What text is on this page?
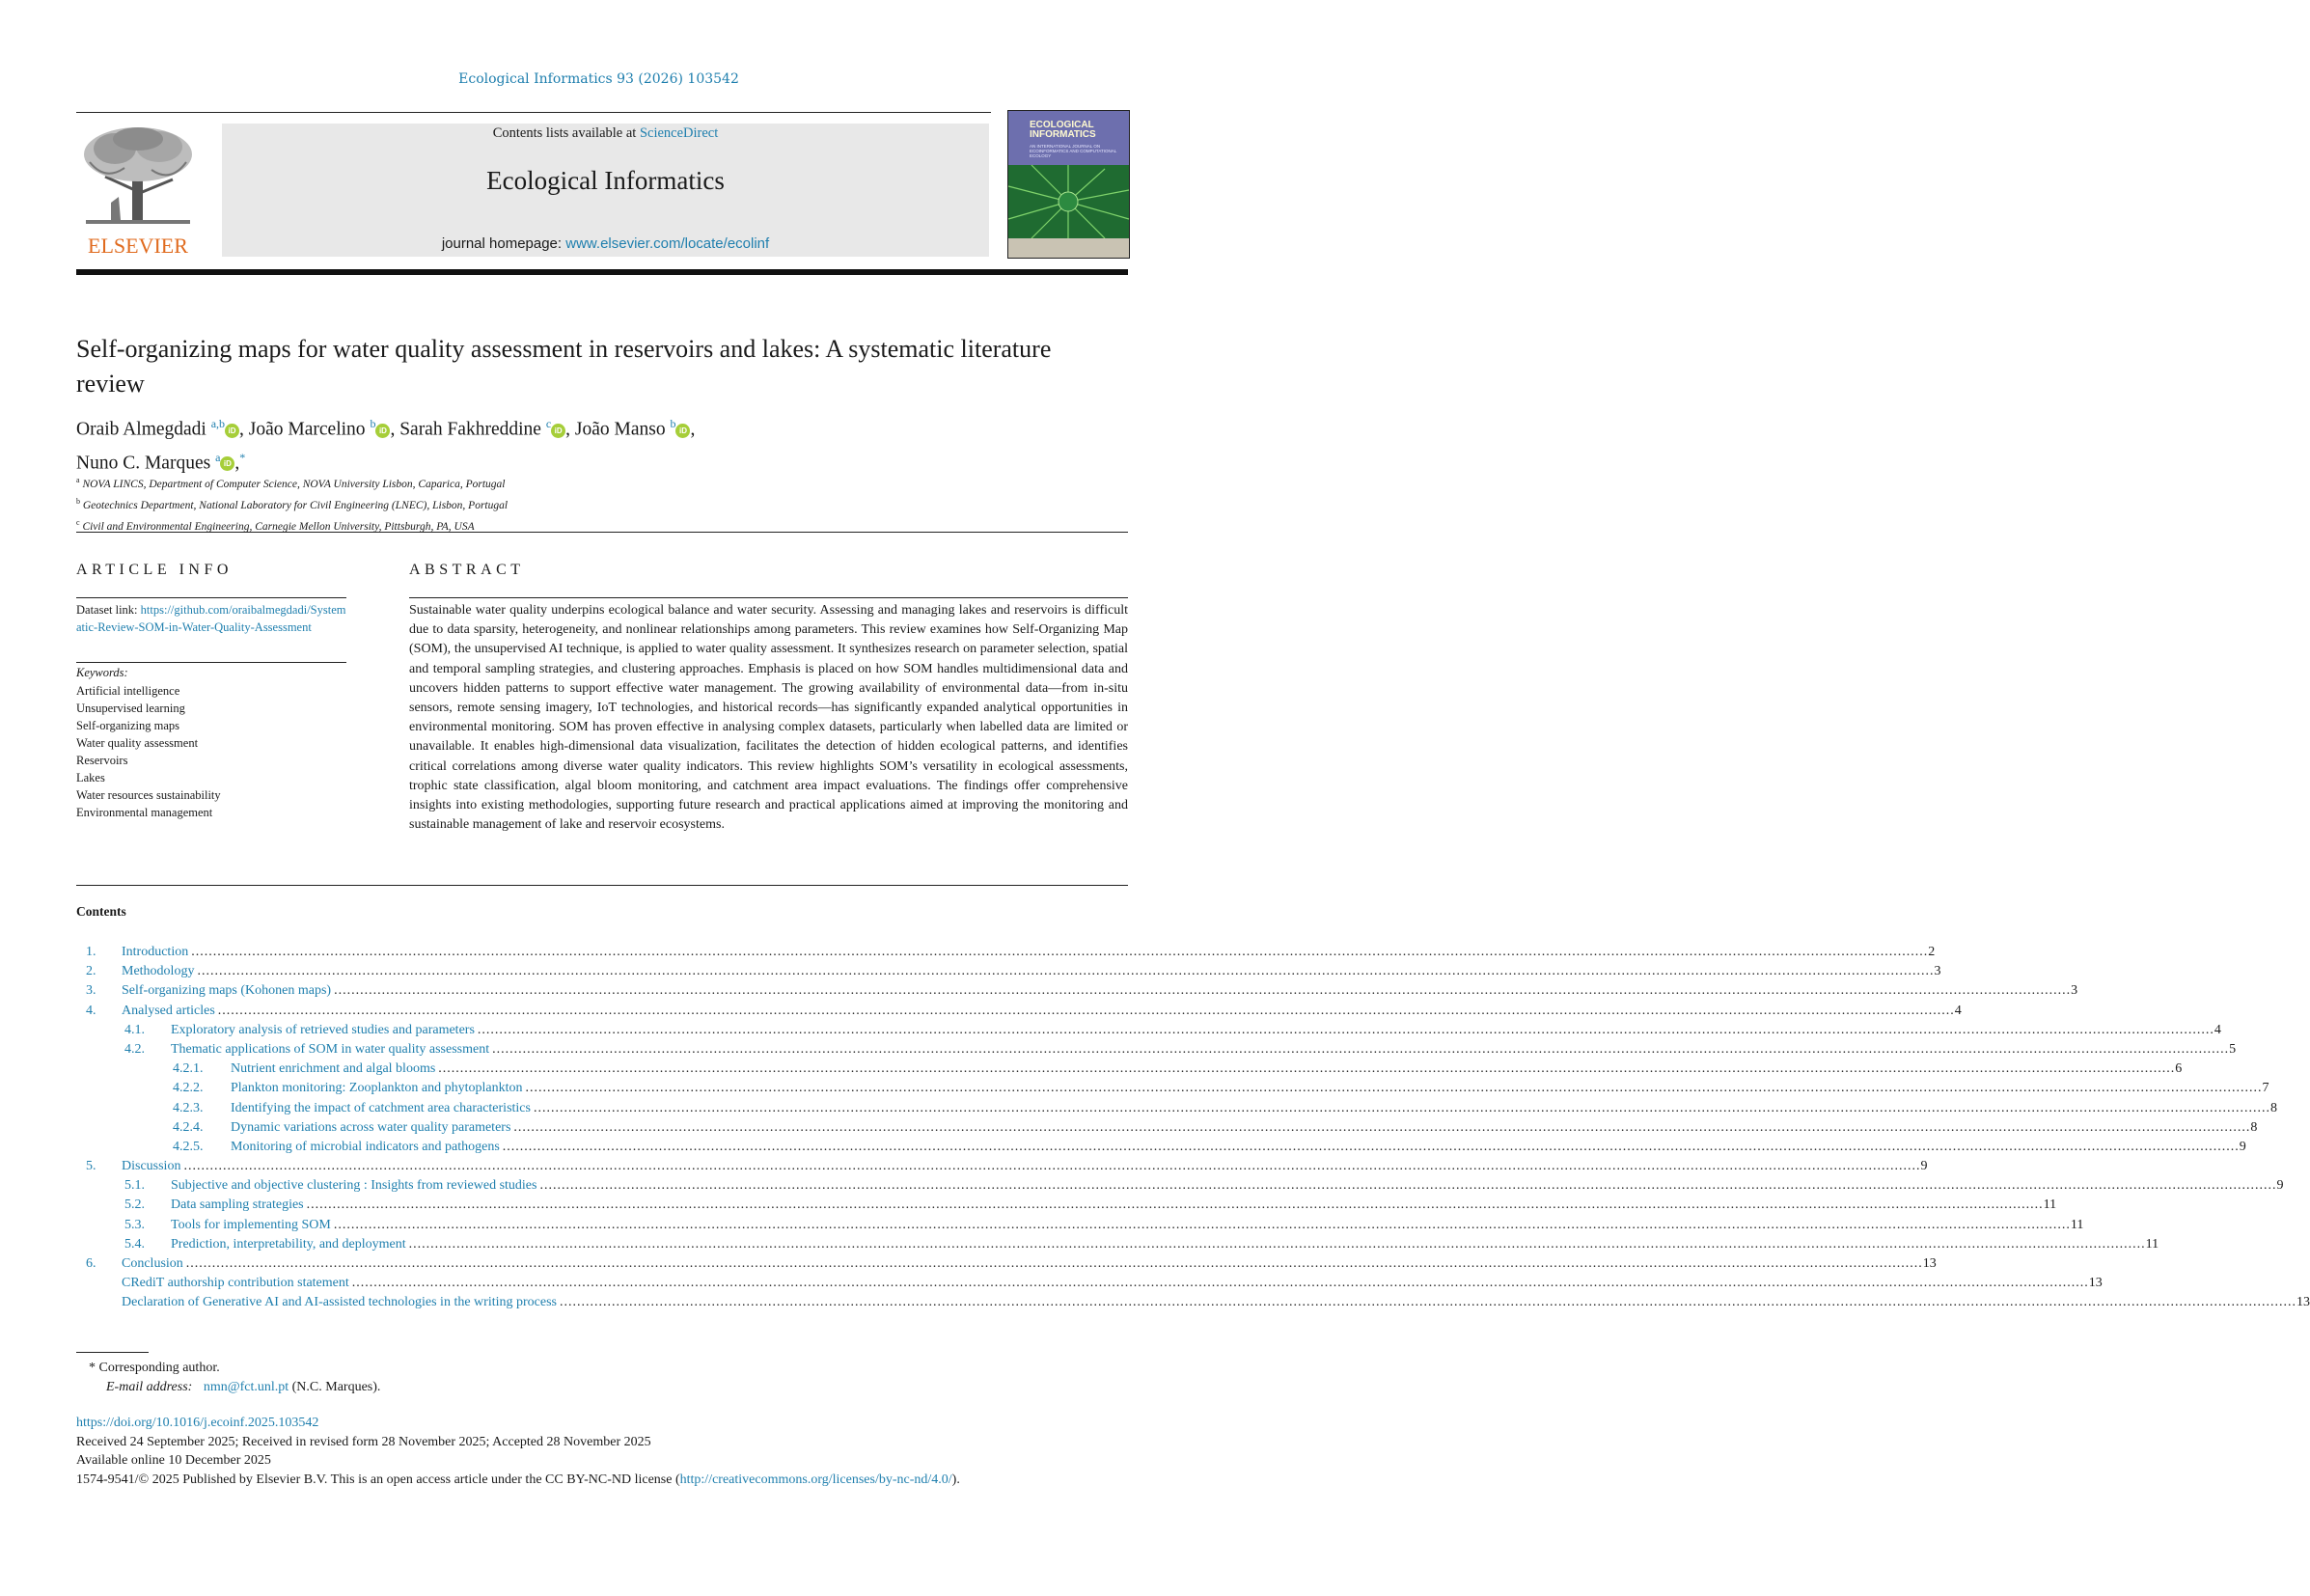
Ecological Informatics 93 (2026) 103542
ELSEVIER
Contents lists available at ScienceDirect
Ecological Informatics
journal homepage: www.elsevier.com/locate/ecolinf
ECOLOGICAL INFORMATICS
AN INTERNATIONAL JOURNAL ON ECOINFORMATICS AND COMPUTATIONAL ECOLOGY
Self-organizing maps for water quality assessment in reservoirs and lakes: A systematic literature review
Oraib Almegdadi $^{a,b}$ iD , João Marcelino $^b$ iD , Sarah Fakhreddine $^c$ iD , João Manso $^b$ iD ,
Nuno C. Marques $^a$ iD ,*
$^a$ NOVA LINCS, Department of Computer Science, NOVA University Lisbon, Caparica, Portugal
$^b$ Geotechnics Department, National Laboratory for Civil Engineering (LNEC), Lisbon, Portugal
$^c$ Civil and Environmental Engineering, Carnegie Mellon University, Pittsburgh, PA, USA
ARTICLE INFO
Dataset link: https://github.com/oraibalmegdadi/Systematic-Review-SOM-in-Water-Quality-Assessment
Keywords:
Artificial intelligence
Unsupervised learning
Self-organizing maps
Water quality assessment
Reservoirs
Lakes
Water resources sustainability
Environmental management
ABSTRACT

Sustainable water quality underpins ecological balance and water security. Assessing and managing lakes and reservoirs is difficult due to data sparsity, heterogeneity, and nonlinear relationships among parameters. This review examines how Self-Organizing Map (SOM), the unsupervised AI technique, is applied to water quality assessment. It synthesizes research on parameter selection, spatial and temporal sampling strategies, and clustering approaches. Emphasis is placed on how SOM handles multidimensional data and uncovers hidden patterns to support effective water management. The growing availability of environmental data—from in-situ sensors, remote sensing imagery, IoT technologies, and historical records—has significantly expanded analytical opportunities in environmental monitoring. SOM has proven effective in analysing complex datasets, particularly when labelled data are limited or unavailable. It enables high-dimensional data visualization, facilitates the detection of hidden ecological patterns, and identifies critical correlations among diverse water quality indicators. This review highlights SOM’s versatility in ecological assessments, trophic state classification, algal bloom monitoring, and catchment area impact evaluations. The findings offer comprehensive insights into existing methodologies, supporting future research and practical applications aimed at improving the monitoring and sustainable management of lake and reservoir ecosystems.

Contents
1. Introduction ................................................................................................................................................................................................................................................................................................................................................................................................................ 2
2. Methodology ................................................................................................................................................................................................................................................................................................................................................................................................................ 3
3. Self-organizing maps (Kohonen maps) ................................................................................................................................................................................................................................................................................................................................................................................................................ 3
4. Analysed articles ................................................................................................................................................................................................................................................................................................................................................................................................................ 4
4.1. Exploratory analysis of retrieved studies and parameters ................................................................................................................................................................................................................................................................................................................................................................................................................ 4
4.2. Thematic applications of SOM in water quality assessment ................................................................................................................................................................................................................................................................................................................................................................................................................ 5
4.2.1. Nutrient enrichment and algal blooms ................................................................................................................................................................................................................................................................................................................................................................................................................ 6
4.2.2. Plankton monitoring: Zooplankton and phytoplankton ................................................................................................................................................................................................................................................................................................................................................................................................................ 7
4.2.3. Identifying the impact of catchment area characteristics ................................................................................................................................................................................................................................................................................................................................................................................................................ 8
4.2.4. Dynamic variations across water quality parameters ................................................................................................................................................................................................................................................................................................................................................................................................................ 8
4.2.5. Monitoring of microbial indicators and pathogens ................................................................................................................................................................................................................................................................................................................................................................................................................ 9
5. Discussion ................................................................................................................................................................................................................................................................................................................................................................................................................ 9
5.1. Subjective and objective clustering : Insights from reviewed studies ................................................................................................................................................................................................................................................................................................................................................................................................................ 9
5.2. Data sampling strategies ................................................................................................................................................................................................................................................................................................................................................................................................................ 11
5.3. Tools for implementing SOM ................................................................................................................................................................................................................................................................................................................................................................................................................ 11
5.4. Prediction, interpretability, and deployment ................................................................................................................................................................................................................................................................................................................................................................................................................ 11
6. Conclusion ................................................................................................................................................................................................................................................................................................................................................................................................................ 13
CRediT authorship contribution statement ................................................................................................................................................................................................................................................................................................................................................................................................................ 13
Declaration of Generative AI and AI-assisted technologies in the writing process ................................................................................................................................................................................................................................................................................................................................................................................................................ 13
* Corresponding author.
E-mail address: nmn@fct.unl.pt (N.C. Marques).
https://doi.org/10.1016/j.ecoinf.2025.103542
Received 24 September 2025; Received in revised form 28 November 2025; Accepted 28 November 2025
Available online 10 December 2025
1574-9541/© 2025 Published by Elsevier B.V. This is an open access article under the CC BY-NC-ND license (http://creativecommons.org/licenses/by-nc-nd/4.0/).
